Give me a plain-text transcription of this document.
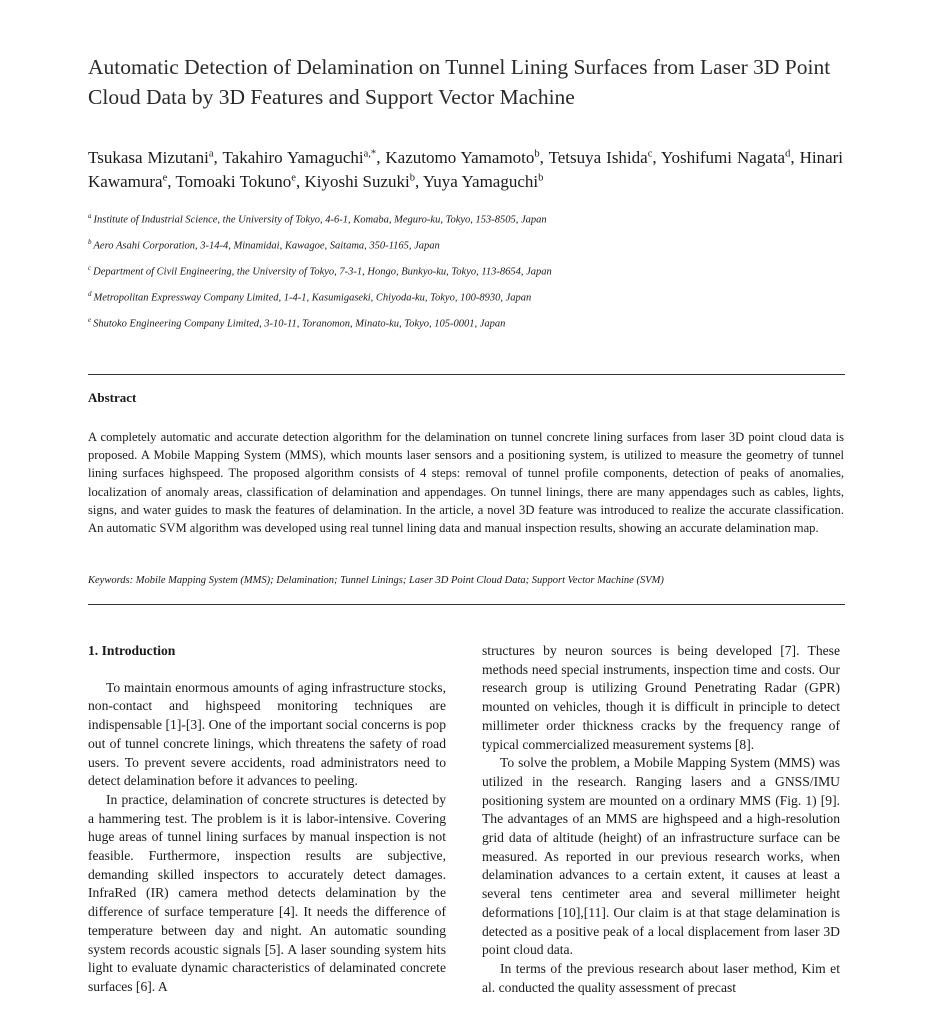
Automatic Detection of Delamination on Tunnel Lining Surfaces from Laser 3D Point Cloud Data by 3D Features and Support Vector Machine
Tsukasa Mizutani$^a$, Takahiro Yamaguchi$^{a,*}$, Kazutomo Yamamoto$^b$, Tetsuya Ishida$^c$, Yoshifumi Nagata$^d$, Hinari Kawamura$^e$, Tomoaki Tokuno$^e$, Kiyoshi Suzuki$^b$, Yuya Yamaguchi$^b$
$^a$ Institute of Industrial Science, the University of Tokyo, 4-6-1, Komaba, Meguro-ku, Tokyo, 153-8505, Japan
$^b$ Aero Asahi Corporation, 3-14-4, Minamidai, Kawagoe, Saitama, 350-1165, Japan
$^c$ Department of Civil Engineering, the University of Tokyo, 7-3-1, Hongo, Bunkyo-ku, Tokyo, 113-8654, Japan
$^d$ Metropolitan Expressway Company Limited, 1-4-1, Kasumigaseki, Chiyoda-ku, Tokyo, 100-8930, Japan
$^e$ Shutoko Engineering Company Limited, 3-10-11, Toranomon, Minato-ku, Tokyo, 105-0001, Japan
Abstract
A completely automatic and accurate detection algorithm for the delamination on tunnel concrete lining surfaces from laser 3D point cloud data is proposed. A Mobile Mapping System (MMS), which mounts laser sensors and a positioning system, is utilized to measure the geometry of tunnel lining surfaces highspeed. The proposed algorithm consists of 4 steps: removal of tunnel profile components, detection of peaks of anomalies, localization of anomaly areas, classification of delamination and appendages. On tunnel linings, there are many appendages such as cables, lights, signs, and water guides to mask the features of delamination. In the article, a novel 3D feature was introduced to realize the accurate classification. An automatic SVM algorithm was developed using real tunnel lining data and manual inspection results, showing an accurate delamination map.
Keywords: Mobile Mapping System (MMS); Delamination; Tunnel Linings; Laser 3D Point Cloud Data; Support Vector Machine (SVM)
1. Introduction

To maintain enormous amounts of aging infrastructure stocks, non-contact and highspeed monitoring techniques are indispensable [1]-[3]. One of the important social concerns is pop out of tunnel concrete linings, which threatens the safety of road users. To prevent severe accidents, road administrators need to detect delamination before it advances to peeling.

In practice, delamination of concrete structures is detected by a hammering test. The problem is it is labor-intensive. Covering huge areas of tunnel lining surfaces by manual inspection is not feasible. Furthermore, inspection results are subjective, demanding skilled inspectors to accurately detect damages. InfraRed (IR) camera method detects delamination by the difference of surface temperature [4]. It needs the difference of temperature between day and night. An automatic sounding system records acoustic signals [5]. A laser sounding system hits light to evaluate dynamic characteristics of delaminated concrete surfaces [6]. A

structures by neuron sources is being developed [7]. These methods need special instruments, inspection time and costs. Our research group is utilizing Ground Penetrating Radar (GPR) mounted on vehicles, though it is difficult in principle to detect millimeter order thickness cracks by the frequency range of typical commercialized measurement systems [8].

To solve the problem, a Mobile Mapping System (MMS) was utilized in the research. Ranging lasers and a GNSS/IMU positioning system are mounted on a ordinary MMS (Fig. 1) [9]. The advantages of an MMS are highspeed and a high-resolution grid data of altitude (height) of an infrastructure surface can be measured. As reported in our previous research works, when delamination advances to a certain extent, it causes at least a several tens centimeter area and several millimeter height deformations [10],[11]. Our claim is at that stage delamination is detected as a positive peak of a local displacement from laser 3D point cloud data.

In terms of the previous research about laser method, Kim et al. conducted the quality assessment of precast
